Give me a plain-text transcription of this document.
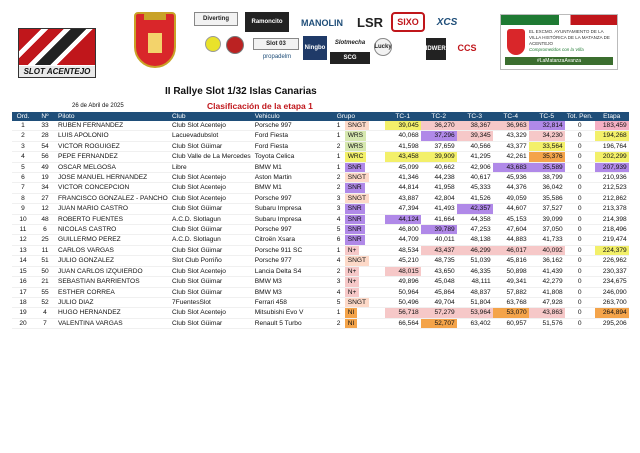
SLOT ACENTEJO
Diverting	Ramoncito MANOLIN LSR SIXO XCS
Slot 03
Ningbo
Slotmecha
propadelm	SCG
Lucky	CCS
LIDWERK
EL EXCMO. AYUNTAMIENTO DE LA VILLA HISTÓRICA DE LA MATANZA DE ACENTEJO
Comprometidos con la Villa
#LaMatanzaAvanza
II Rallye Slot 1/32 Islas Canarias
26 de Abril de 2025	Clasificación de la etapa 1
Ord.	Nº	Piloto	Club	Vehiculo	Grupo	TC-1	TC-2	TC-3	TC-4	TC-5	Tot. Pen.	Etapa
1	33	RUBEN FERNANDEZ	Club Slot Acentejo	Porsche 997	1 SNGT	39,045	36,270	38,367	36,963	32,814	0	183,459
2	28	LUIS APOLONIO	Lacuevadubslot	Ford Fiesta	1 WRS	40,068	37,296	39,345	43,329	34,230	0	194,268
3	54	VICTOR ROGUIGEZ	Club Slot Güimar	Ford Fiesta	2 WRS	41,598	37,659	40,566	43,377	33,564	0	196,764
4	56	PEPE FERNANDEZ	Club Valle de La Mercedes	Toyota Celica	1 WRC	43,458	39,909	41,295	42,261	35,376	0	202,299
5	49	OSCAR MELGOSA	Libre	BMW M1	1 SNR	45,099	40,662	42,906	43,683	35,589	0	207,939
6	19	JOSE MANUEL HERNANDEZ	Club Slot Acentejo	Aston Martin	2 SNGT	41,346	44,238	40,617	45,936	38,799	0	210,936
7	34	VICTOR CONCEPCION	Club Slot Acentejo	BMW M1	2 SNR	44,814	41,958	45,333	44,376	36,042	0	212,523
8	27	FRANCISCO GONZALEZ - PANCHO	Club Slot Acentejo	Porsche 997	3 SNGT	43,887	42,804	41,526	49,059	35,586	0	212,862
9	12	JUAN MARIO CASTRO	Club Slot Güimar	Subaru Impresa	3 SNR	47,394	41,493	42,357	44,607	37,527	0	213,378
10	48	ROBERTO FUENTES	A.C.D. Slotlagun	Subaru Impresa	4 SNR	44,124	41,664	44,358	45,153	39,099	0	214,398
11	6	NICOLAS CASTRO	Club Slot Güimar	Porsche 997	5 SNR	46,800	39,789	47,253	47,604	37,050	0	218,496
12	25	GUILLERMO PEREZ	A.C.D. Slotlagun	Citroën Xsara	6 SNR	44,709	40,011	48,138	44,883	41,733	0	219,474
13	11	CARLOS VARGAS	Club Slot Güimar	Porsche 911 SC	1 N+	48,534	43,437	46,299	46,017	40,092	0	224,379
14	51	JULIO GONZALEZ	Slot Club Porriño	Porsche 977	4 SNGT	45,210	48,735	51,039	45,816	36,162	0	226,962
15	50	JUAN CARLOS IZQUIERDO	Club Slot Acentejo	Lancia Delta S4	2 N+	48,015	43,650	46,335	50,898	41,439	0	230,337
16	21	SEBASTIAN BARRIENTOS	Club Slot Güimar	BMW M3	3 N+	49,896	45,048	48,111	49,341	42,279	0	234,675
17	55	ESTHER CORREA	Club Slot Güimar	BMW M3	4 N+	50,964	45,864	48,837	57,882	41,808	0	246,090
18	52	JULIO DIAZ	7FuentesSlot	Ferrari 458	5 SNGT	50,496	49,704	51,804	63,768	47,928	0	263,700
19	4	HUGO HERNANDEZ	Club Slot Acentejo	Mitsubishi Evo V	1 NI	56,718	57,279	53,964	53,070	43,863	0	264,894
20	7	VALENTINA VARGAS	Club Slot Güimar	Renault 5 Turbo	2 NI	66,564	52,707	63,402	60,957	51,576	0	295,206
